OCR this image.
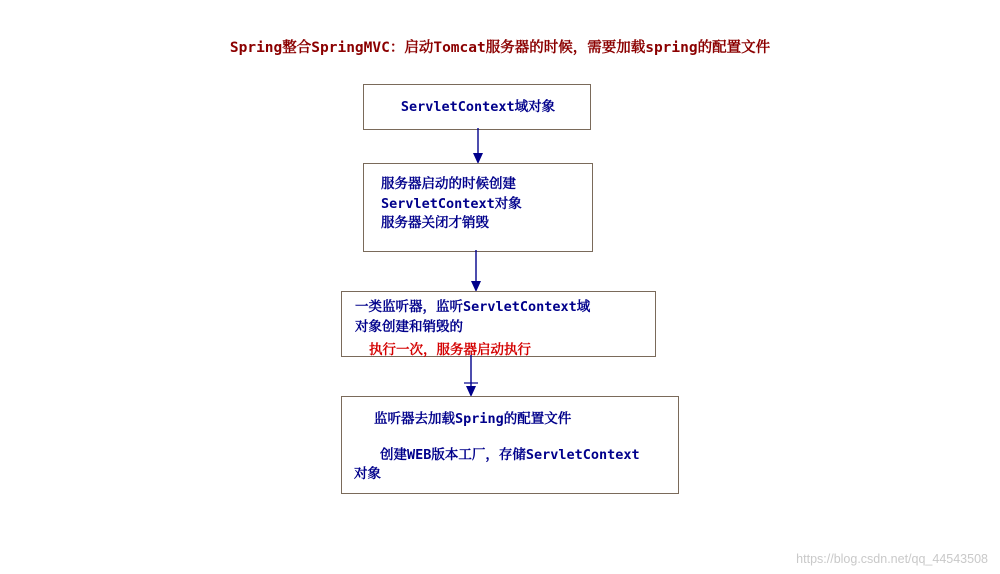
Spring整合SpringMVC：启动Tomcat服务器的时候，需要加载spring的配置文件
ServletContext域对象
服务器启动的时候创建
ServletContext对象
服务器关闭才销毁
一类监听器，监听ServletContext域
对象创建和销毁的
执行一次，服务器启动执行
监听器去加载Spring的配置文件
创建WEB版本工厂，存储ServletContext
对象
https://blog.csdn.net/qq_44543508
